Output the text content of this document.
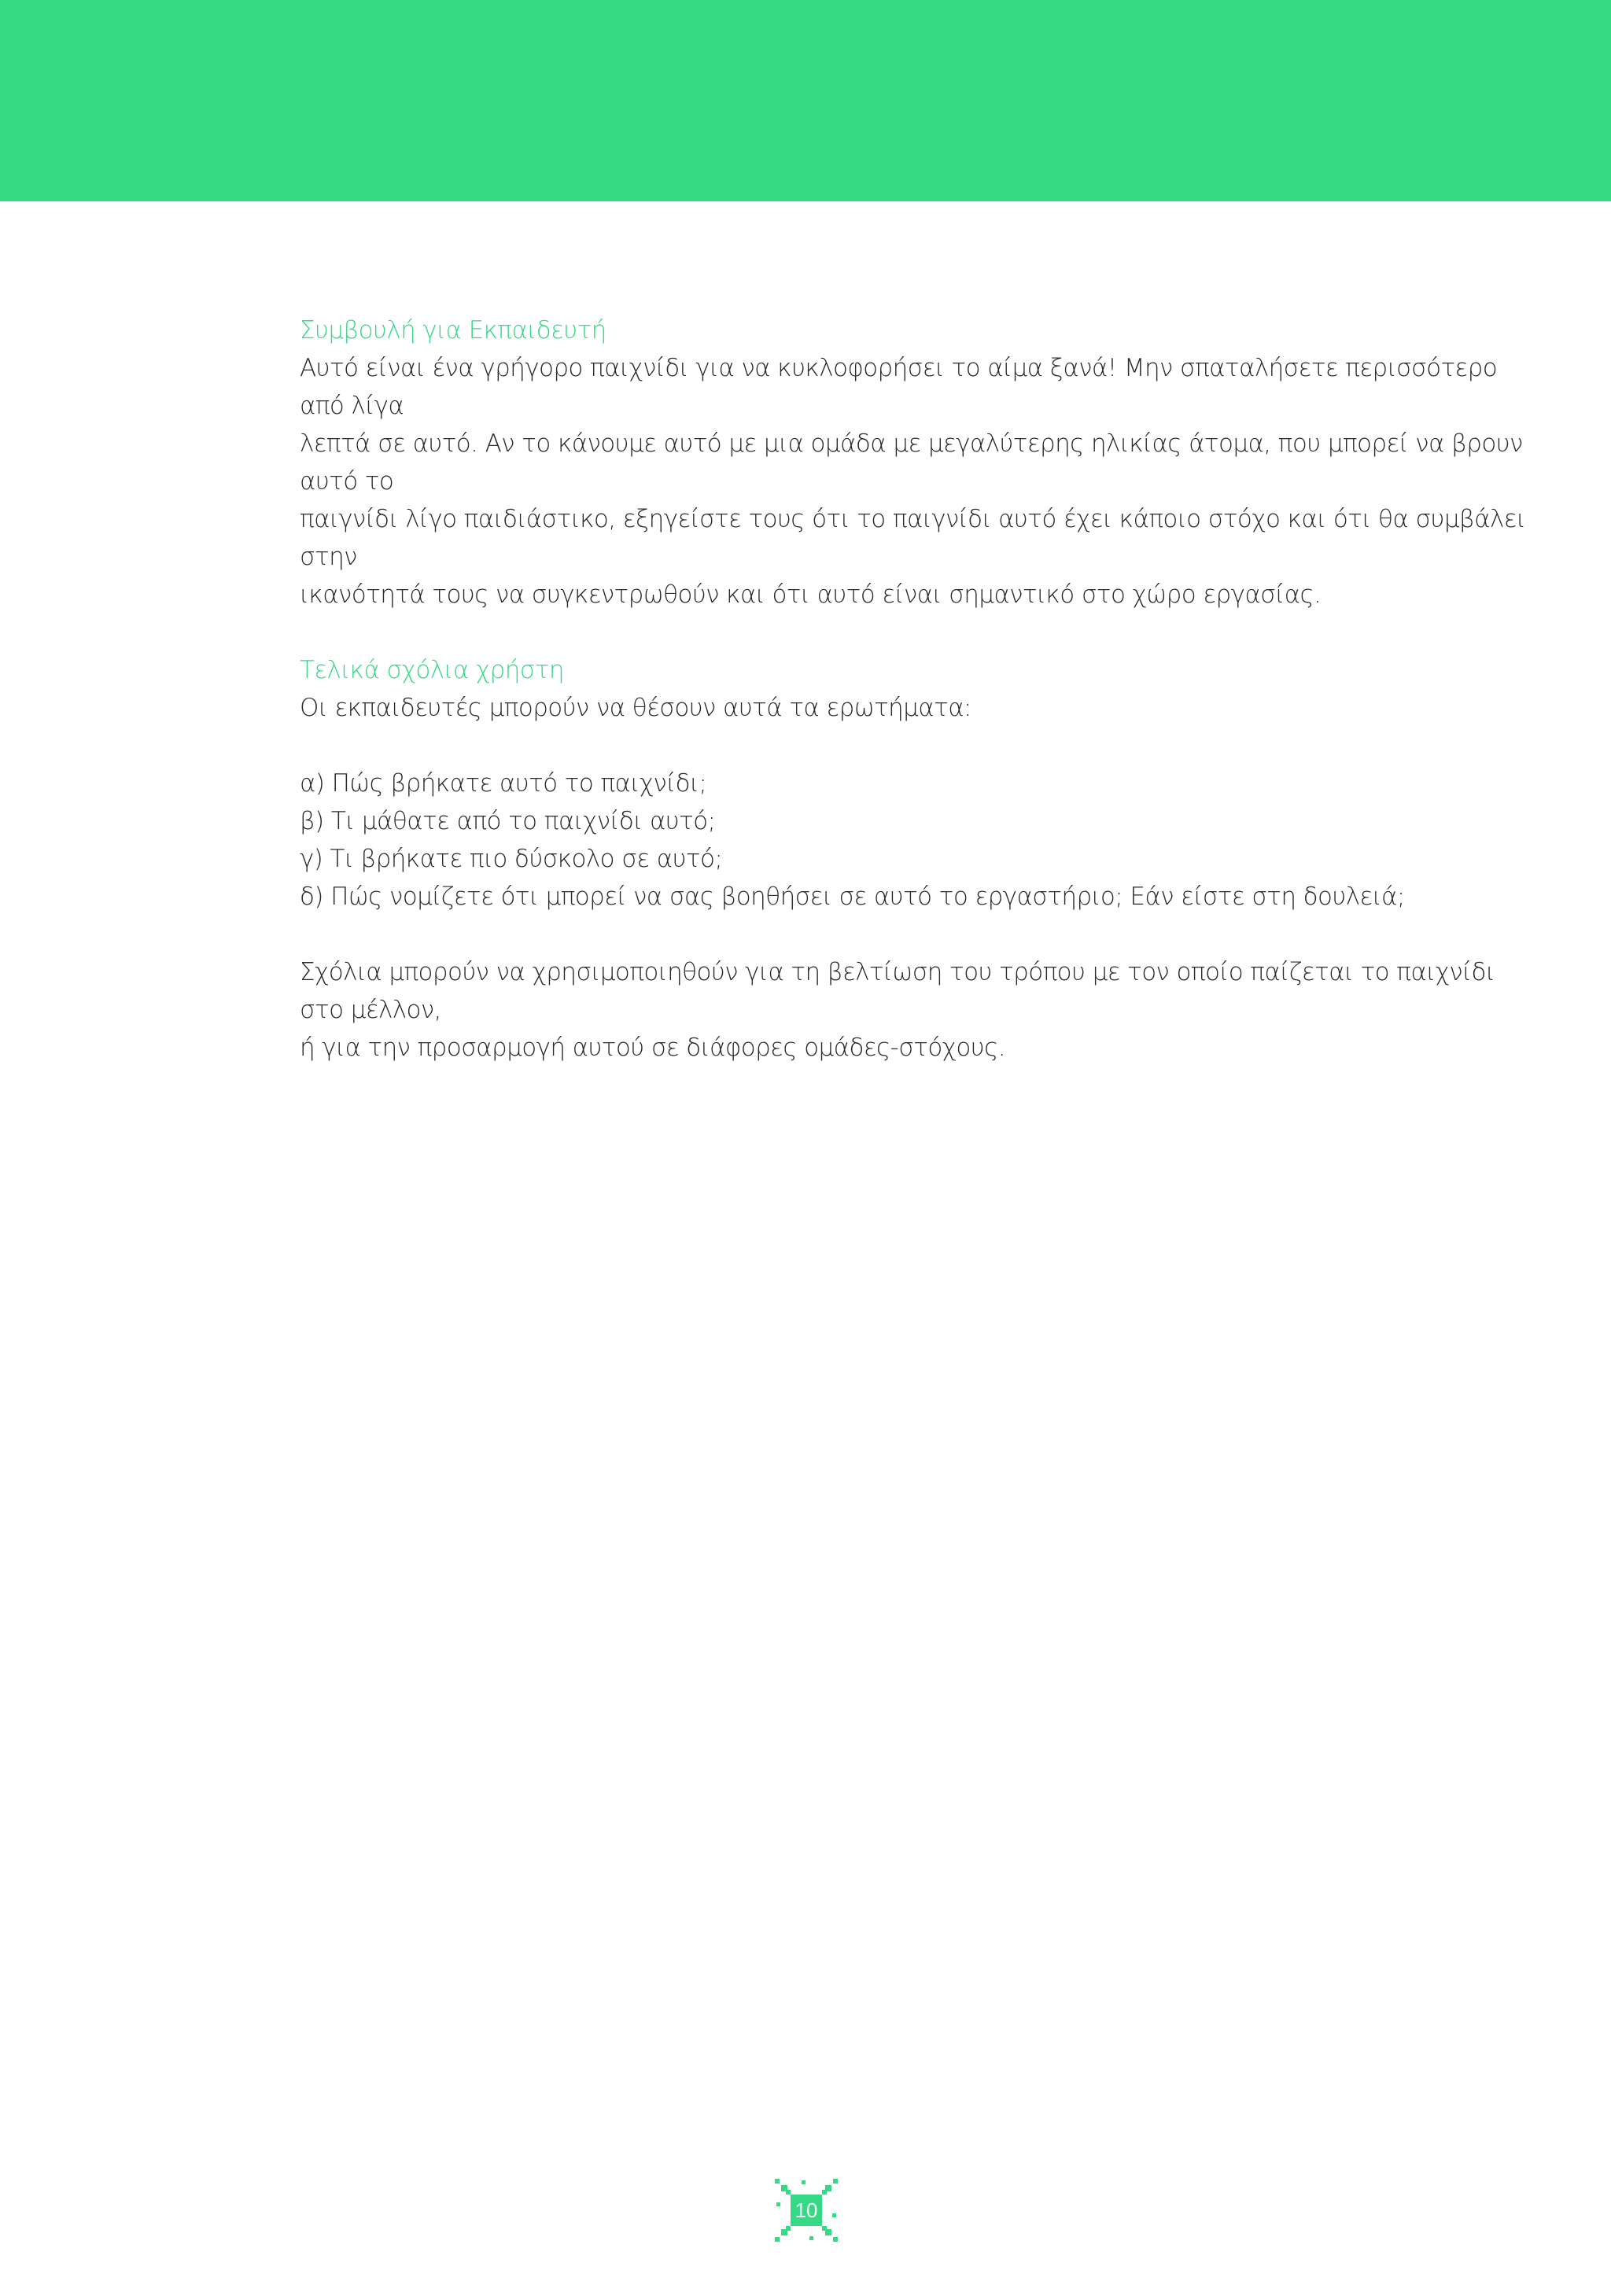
Συμβουλή για Εκπαιδευτή
Αυτό είναι ένα γρήγορο παιχνίδι για να κυκλοφορήσει το αίμα ξανά! Μην σπαταλήσετε περισσότερο από λίγα
λεπτά σε αυτό. Αν το κάνουμε αυτό με μια ομάδα με μεγαλύτερης ηλικίας άτομα, που μπορεί να βρουν αυτό το
παιγνίδι λίγο παιδιάστικο, εξηγείστε τους ότι το παιγνίδι αυτό έχει κάποιο στόχο και ότι θα συμβάλει στην
ικανότητά τους να συγκεντρωθούν και ότι αυτό είναι σημαντικό στο χώρο εργασίας.
Τελικά σχόλια χρήστη
Οι εκπαιδευτές μπορούν να θέσουν αυτά τα ερωτήματα:
α) Πώς βρήκατε αυτό το παιχνίδι;
β) Τι μάθατε από το παιχνίδι αυτό;
γ) Τι βρήκατε πιο δύσκολο σε αυτό;
δ) Πώς νομίζετε ότι μπορεί να σας βοηθήσει σε αυτό το εργαστήριο; Εάν είστε στη δουλειά;
Σχόλια μπορούν να χρησιμοποιηθούν για τη βελτίωση του τρόπου με τον οποίο παίζεται το παιχνίδι στο μέλλον,
ή για την προσαρμογή αυτού σε διάφορες ομάδες-στόχους.
10
